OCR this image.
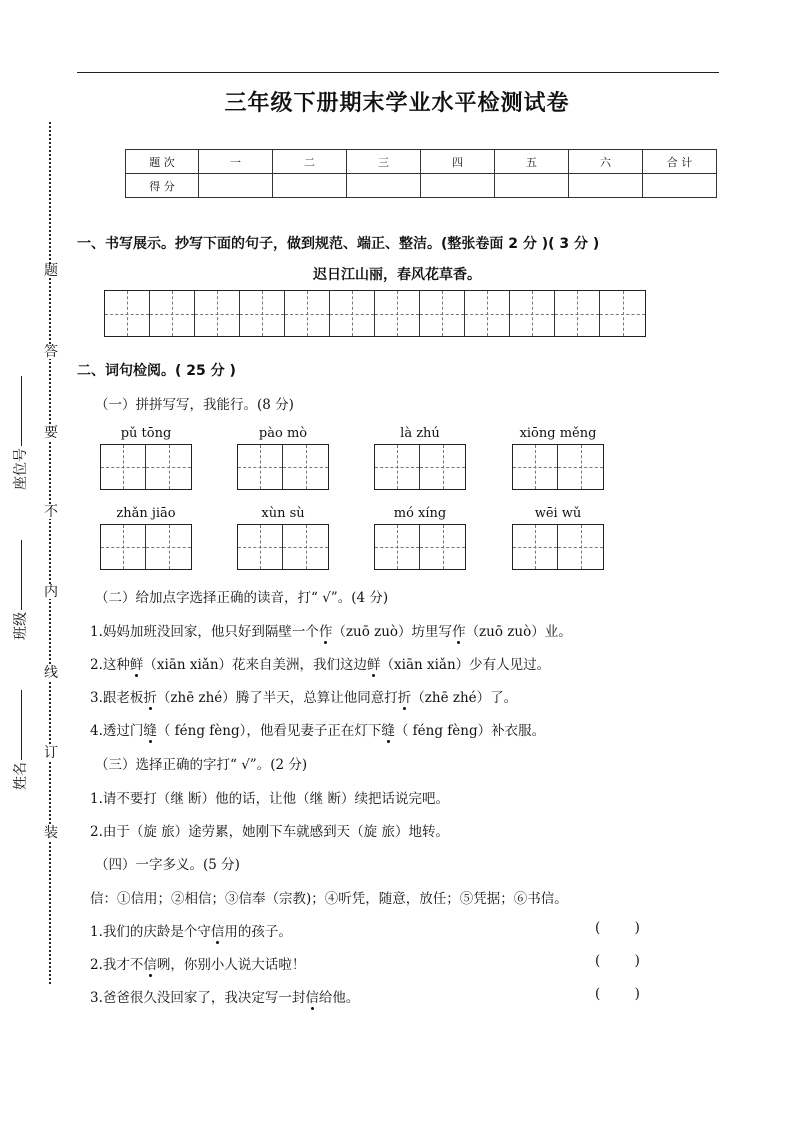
三年级下册期末学业水平检测试卷
题 次	一	二	三	四	五	六	合 计
得 分							
题
答
要
不
内
线
订
装
座位号
班级
姓名
一、书写展示。抄写下面的句子，做到规范、端正、整洁。(整张卷面 2 分 )( 3 分 )
迟日江山丽，春风花草香。
二、词句检阅。( 25 分 )
（一）拼拼写写，我能行。(8 分)
pǔ tōng	pào mò	là zhú	xiōng měng
zhǎn jiāo	xùn sù	mó xíng	wēi wǔ
（二）给加点字选择正确的读音，打“ √”。(4 分)
1.妈妈加班没回家，他只好到隔壁一个作（zuō zuò）坊里写作（zuō zuò）业。
2.这种鲜（xiān xiǎn）花来自美洲，我们这边鲜（xiān xiǎn）少有人见过。
3.跟老板折（zhē zhé）腾了半天，总算让他同意打折（zhē zhé）了。
4.透过门缝（ féng fèng），他看见妻子正在灯下缝（ féng fèng）补衣服。
（三）选择正确的字打“ √”。(2 分)
1.请不要打（继 断）他的话，让他（继 断）续把话说完吧。
2.由于（旋 旅）途劳累，她刚下车就感到天（旋 旅）地转。
（四）一字多义。(5 分)
信：①信用；②相信；③信奉（宗教)；④听凭，随意，放任；⑤凭据；⑥书信。
1.我们的庆龄是个守信用的孩子。	(        )
2.我才不信咧，你别小人说大话啦！	(        )
3.爸爸很久没回家了，我决定写一封信给他。	(        )
